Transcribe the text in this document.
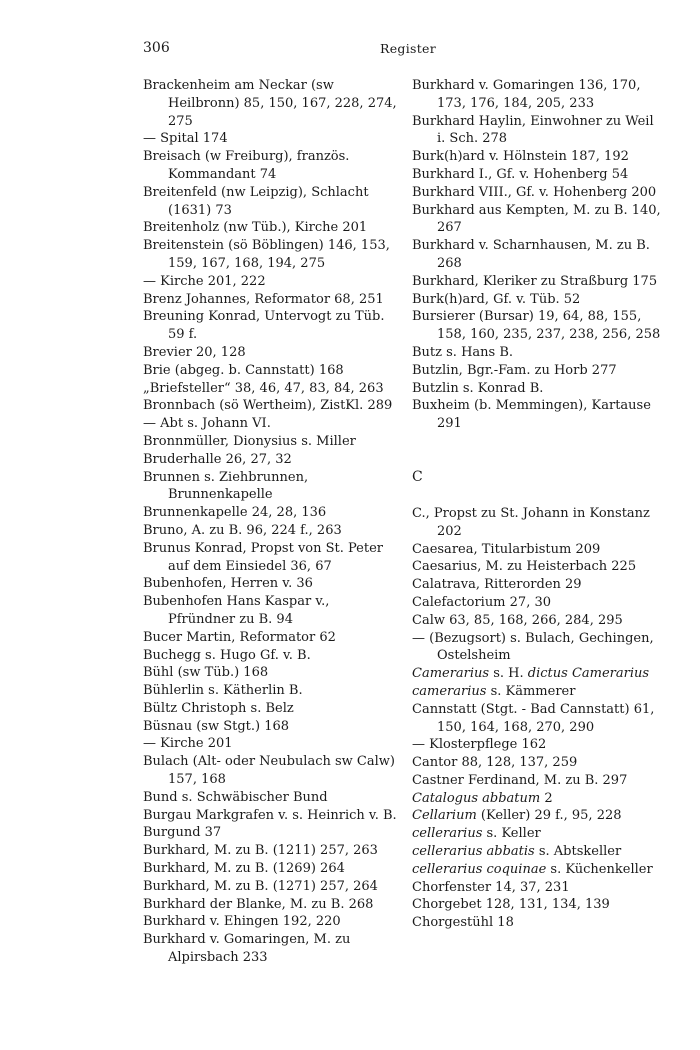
306	Register
Brackenheim am Neckar (sw Heilbronn) 85, 150, 167, 228, 274, 275
— Spital 174
Breisach (w Freiburg), französ. Kommandant 74
Breitenfeld (nw Leipzig), Schlacht (1631) 73
Breitenholz (nw Tüb.), Kirche 201
Breitenstein (sö Böblingen) 146, 153, 159, 167, 168, 194, 275
— Kirche 201, 222
Brenz Johannes, Reformator 68, 251
Breuning Konrad, Untervogt zu Tüb. 59 f.
Brevier 20, 128
Brie (abgeg. b. Cannstatt) 168
„Briefsteller“ 38, 46, 47, 83, 84, 263
Bronnbach (sö Wertheim), ZistKl. 289
— Abt s. Johann VI.
Bronnmüller, Dionysius s. Miller
Bruderhalle 26, 27, 32
Brunnen s. Ziehbrunnen, Brunnenkapelle
Brunnenkapelle 24, 28, 136
Bruno, A. zu B. 96, 224 f., 263
Brunus Konrad, Propst von St. Peter auf dem Einsiedel 36, 67
Bubenhofen, Herren v. 36
Bubenhofen Hans Kaspar v., Pfründner zu B. 94
Bucer Martin, Reformator 62
Buchegg s. Hugo Gf. v. B.
Bühl (sw Tüb.) 168
Bühlerlin s. Kätherlin B.
Bültz Christoph s. Belz
Büsnau (sw Stgt.) 168
— Kirche 201
Bulach (Alt- oder Neubulach sw Calw) 157, 168
Bund s. Schwäbischer Bund
Burgau Markgrafen v. s. Heinrich v. B.
Burgund 37
Burkhard, M. zu B. (1211) 257, 263
Burkhard, M. zu B. (1269) 264
Burkhard, M. zu B. (1271) 257, 264
Burkhard der Blanke, M. zu B. 268
Burkhard v. Ehingen 192, 220
Burkhard v. Gomaringen, M. zu Alpirsbach 233
Burkhard v. Gomaringen 136, 170, 173, 176, 184, 205, 233
Burkhard Haylin, Einwohner zu Weil i. Sch. 278
Burk(h)ard v. Hölnstein 187, 192
Burkhard I., Gf. v. Hohenberg 54
Burkhard VIII., Gf. v. Hohenberg 200
Burkhard aus Kempten, M. zu B. 140, 267
Burkhard v. Scharnhausen, M. zu B. 268
Burkhard, Kleriker zu Straßburg 175
Burk(h)ard, Gf. v. Tüb. 52
Bursierer (Bursar) 19, 64, 88, 155, 158, 160, 235, 237, 238, 256, 258
Butz s. Hans B.
Butzlin, Bgr.-Fam. zu Horb 277
Butzlin s. Konrad B.
Buxheim (b. Memmingen), Kartause 291
C
C., Propst zu St. Johann in Konstanz 202
Caesarea, Titularbistum 209
Caesarius, M. zu Heisterbach 225
Calatrava, Ritterorden 29
Calefactorium 27, 30
Calw 63, 85, 168, 266, 284, 295
— (Bezugsort) s. Bulach, Gechingen, Ostelsheim
Camerarius s. H. dictus Camerarius
camerarius s. Kämmerer
Cannstatt (Stgt. - Bad Cannstatt) 61, 150, 164, 168, 270, 290
— Klosterpflege 162
Cantor 88, 128, 137, 259
Castner Ferdinand, M. zu B. 297
Catalogus abbatum 2
Cellarium (Keller) 29 f., 95, 228
cellerarius s. Keller
cellerarius abbatis s. Abtskeller
cellerarius coquinae s. Küchenkeller
Chorfenster 14, 37, 231
Chorgebet 128, 131, 134, 139
Chorgestühl 18
